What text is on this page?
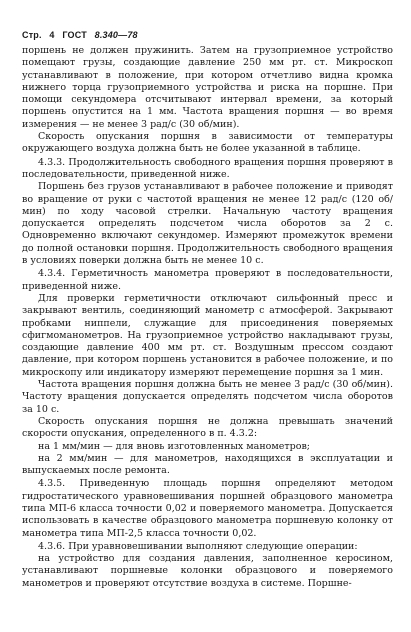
Стр. 4 ГОСТ 8.340—78

поршень не должен пружинить. Затем на грузоприемное устройство помещают грузы, создающие давление 250 мм рт. ст. Микроскоп устанавливают в положение, при котором отчетливо видна кромка нижнего торца грузоприемного устройства и риска на поршне. При помощи секундомера отсчитывают интервал времени, за который поршень опустится на 1 мм. Частота вращения поршня — во время измерения — не менее 3 рад/с (30 об/мин).

Скорость опускания поршня в зависимости от температуры окружающего воздуха должна быть не более указанной в таблице.

4.3.3. Продолжительность свободного вращения поршня проверяют в последовательности, приведенной ниже.

Поршень без грузов устанавливают в рабочее положение и приводят во вращение от руки с частотой вращения не менее 12 рад/с (120 об/мин) по ходу часовой стрелки. Начальную частоту вращения допускается определять подсчетом числа оборотов за 2 с. Одновременно включают секундомер. Измеряют промежуток времени до полной остановки поршня. Продолжительность свободного вращения в условиях поверки должна быть не менее 10 с.

4.3.4. Герметичность манометра проверяют в последовательности, приведенной ниже.

Для проверки герметичности отключают сильфонный пресс и закрывают вентиль, соединяющий манометр с атмосферой. Закрывают пробками ниппели, служащие для присоединения поверяемых сфигмоманометров. На грузоприемное устройство накладывают грузы, создающие давление 400 мм рт. ст. Воздушным прессом создают давление, при котором поршень установится в рабочее положение, и по микроскопу или индикатору измеряют перемещение поршня за 1 мин.

Частота вращения поршня должна быть не менее 3 рад/с (30 об/мин). Частоту вращения допускается определять подсчетом числа оборотов за 10 с.

Скорость опускания поршня не должна превышать значений скорости опускания, определенного в п. 4.3.2:

на 1 мм/мин — для вновь изготовленных манометров;

на 2 мм/мин — для манометров, находящихся в эксплуатации и выпускаемых после ремонта.

4.3.5. Приведенную площадь поршня определяют методом гидростатического уравновешивания поршней образцового манометра типа МП-6 класса точности 0,02 и поверяемого манометра. Допускается использовать в качестве образцового манометра поршневую колонку от манометра типа МП-2,5 класса точности 0,02.

4.3.6. При уравновешивании выполняют следующие операции:

на устройство для создания давления, заполненное керосином, устанавливают поршневые колонки образцового и поверяемого манометров и проверяют отсутствие воздуха в системе. Поршне-
